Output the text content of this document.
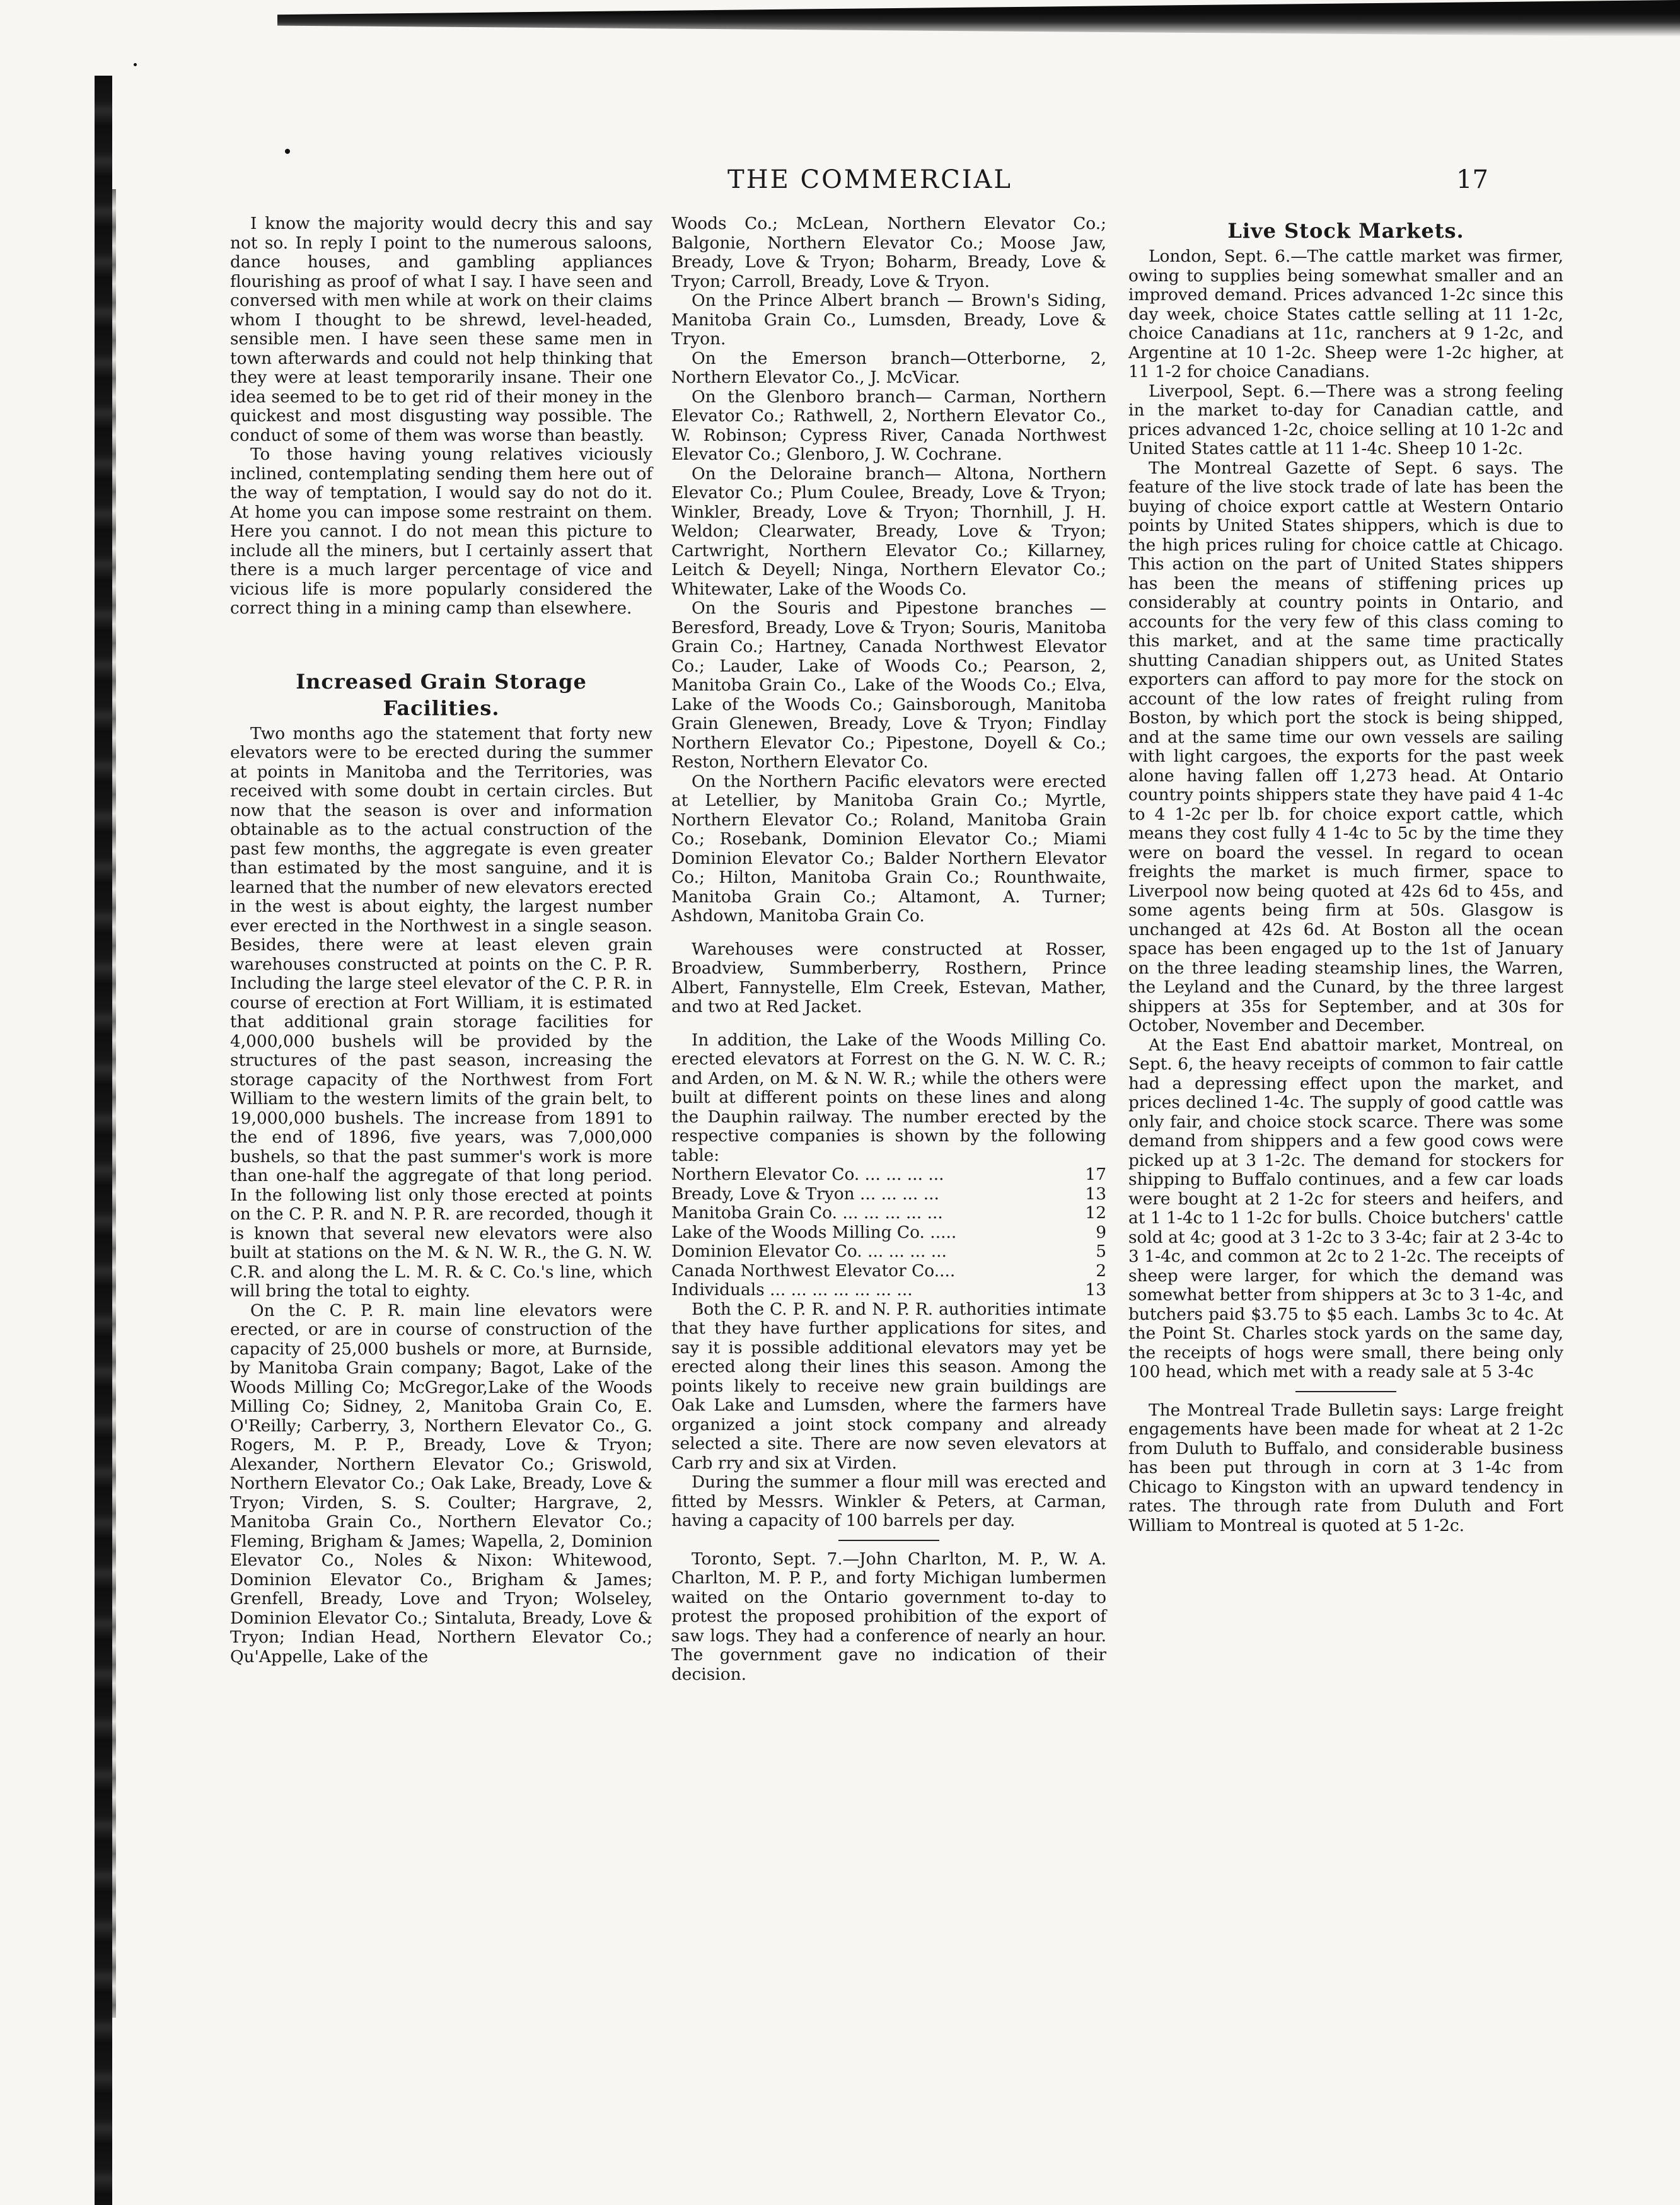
THE COMMERCIAL	17

I know the majority would decry this and say not so. In reply I point to the numerous saloons, dance houses, and gambling appliances flourishing as proof of what I say. I have seen and conversed with men while at work on their claims whom I thought to be shrewd, level-headed, sensible men. I have seen these same men in town afterwards and could not help thinking that they were at least temporarily insane. Their one idea seemed to be to get rid of their money in the quickest and most disgusting way possible. The conduct of some of them was worse than beastly.

To those having young relatives viciously inclined, contemplating sending them here out of the way of temptation, I would say do not do it. At home you can impose some restraint on them. Here you cannot. I do not mean this picture to include all the miners, but I certainly assert that there is a much larger percentage of vice and vicious life is more popularly considered the correct thing in a mining camp than elsewhere.

Increased Grain Storage
Facilities.

Two months ago the statement that forty new elevators were to be erected during the summer at points in Manitoba and the Territories, was received with some doubt in certain circles. But now that the season is over and information obtainable as to the actual construction of the past few months, the aggregate is even greater than estimated by the most sanguine, and it is learned that the number of new elevators erected in the west is about eighty, the largest number ever erected in the Northwest in a single season. Besides, there were at least eleven grain warehouses constructed at points on the C. P. R. Including the large steel elevator of the C. P. R. in course of erection at Fort William, it is estimated that additional grain storage facilities for 4,000,000 bushels will be provided by the structures of the past season, increasing the storage capacity of the Northwest from Fort William to the western limits of the grain belt, to 19,000,000 bushels. The increase from 1891 to the end of 1896, five years, was 7,000,000 bushels, so that the past summer's work is more than one-half the aggregate of that long period. In the following list only those erected at points on the C. P. R. and N. P. R. are recorded, though it is known that several new elevators were also built at stations on the M. & N. W. R., the G. N. W. C.R. and along the L. M. R. & C. Co.'s line, which will bring the total to eighty.

On the C. P. R. main line elevators were erected, or are in course of construction of the capacity of 25,000 bushels or more, at Burnside, by Manitoba Grain company; Bagot, Lake of the Woods Milling Co; McGregor,Lake of the Woods Milling Co; Sidney, 2, Manitoba Grain Co, E. O'Reilly; Carberry, 3, Northern Elevator Co., G. Rogers, M. P. P., Bready, Love & Tryon; Alexander, Northern Elevator Co.; Griswold, Northern Elevator Co.; Oak Lake, Bready, Love & Tryon; Virden, S. S. Coulter; Hargrave, 2, Manitoba Grain Co., Northern Elevator Co.; Fleming, Brigham & James; Wapella, 2, Dominion Elevator Co., Noles & Nixon: Whitewood, Dominion Elevator Co., Brigham & James; Grenfell, Bready, Love and Tryon; Wolseley, Dominion Elevator Co.; Sintaluta, Bready, Love & Tryon; Indian Head, Northern Elevator Co.; Qu'Appelle, Lake of the

Woods Co.; McLean, Northern Elevator Co.; Balgonie, Northern Elevator Co.; Moose Jaw, Bready, Love & Tryon; Boharm, Bready, Love & Tryon; Carroll, Bready, Love & Tryon.

On the Prince Albert branch — Brown's Siding, Manitoba Grain Co., Lumsden, Bready, Love & Tryon.

On the Emerson branch—Otterborne, 2, Northern Elevator Co., J. McVicar.

On the Glenboro branch— Carman, Northern Elevator Co.; Rathwell, 2, Northern Elevator Co., W. Robinson; Cypress River, Canada Northwest Elevator Co.; Glenboro, J. W. Cochrane.

On the Deloraine branch— Altona, Northern Elevator Co.; Plum Coulee, Bready, Love & Tryon; Winkler, Bready, Love & Tryon; Thornhill, J. H. Weldon; Clearwater, Bready, Love & Tryon; Cartwright, Northern Elevator Co.; Killarney, Leitch & Deyell; Ninga, Northern Elevator Co.; Whitewater, Lake of the Woods Co.

On the Souris and Pipestone branches —Beresford, Bready, Love & Tryon; Souris, Manitoba Grain Co.; Hartney, Canada Northwest Elevator Co.; Lauder, Lake of Woods Co.; Pearson, 2, Manitoba Grain Co., Lake of the Woods Co.; Elva, Lake of the Woods Co.; Gainsborough, Manitoba Grain Glenewen, Bready, Love & Tryon; Findlay Northern Elevator Co.; Pipestone, Doyell & Co.; Reston, Northern Elevator Co.

On the Northern Pacific elevators were erected at Letellier, by Manitoba Grain Co.; Myrtle, Northern Elevator Co.; Roland, Manitoba Grain Co.; Rosebank, Dominion Elevator Co.; Miami Dominion Elevator Co.; Balder Northern Elevator Co.; Hilton, Manitoba Grain Co.; Rounthwaite, Manitoba Grain Co.; Altamont, A. Turner; Ashdown, Manitoba Grain Co.

Warehouses were constructed at Rosser, Broadview, Summberberry, Rosthern, Prince Albert, Fannystelle, Elm Creek, Estevan, Mather, and two at Red Jacket.

In addition, the Lake of the Woods Milling Co. erected elevators at Forrest on the G. N. W. C. R.; and Arden, on M. & N. W. R.; while the others were built at different points on these lines and along the Dauphin railway. The number erected by the respective companies is shown by the following table:

Northern Elevator Co. ... ... ... ...	17
Bready, Love & Tryon ... ... ... ...	13
Manitoba Grain Co. ... ... ... ... ...	12
Lake of the Woods Milling Co. .....	9
Dominion Elevator Co. ... ... ... ...	5
Canada Northwest Elevator Co....	2
Individuals ... ... ... ... ... ... ...	13

Both the C. P. R. and N. P. R. authorities intimate that they have further applications for sites, and say it is possible additional elevators may yet be erected along their lines this season. Among the points likely to receive new grain buildings are Oak Lake and Lumsden, where the farmers have organized a joint stock company and already selected a site. There are now seven elevators at Carb rry and six at Virden.

During the summer a flour mill was erected and fitted by Messrs. Winkler & Peters, at Carman, having a capacity of 100 barrels per day.

Toronto, Sept. 7.—John Charlton, M. P., W. A. Charlton, M. P. P., and forty Michigan lumbermen waited on the Ontario government to-day to protest the proposed prohibition of the export of saw logs. They had a conference of nearly an hour. The government gave no indication of their decision.

Live Stock Markets.

London, Sept. 6.—The cattle market was firmer, owing to supplies being somewhat smaller and an improved demand. Prices advanced 1-2c since this day week, choice States cattle selling at 11 1-2c, choice Canadians at 11c, ranchers at 9 1-2c, and Argentine at 10 1-2c. Sheep were 1-2c higher, at 11 1-2 for choice Canadians.

Liverpool, Sept. 6.—There was a strong feeling in the market to-day for Canadian cattle, and prices advanced 1-2c, choice selling at 10 1-2c and United States cattle at 11 1-4c. Sheep 10 1-2c.

The Montreal Gazette of Sept. 6 says. The feature of the live stock trade of late has been the buying of choice export cattle at Western Ontario points by United States shippers, which is due to the high prices ruling for choice cattle at Chicago. This action on the part of United States shippers has been the means of stiffening prices up considerably at country points in Ontario, and accounts for the very few of this class coming to this market, and at the same time practically shutting Canadian shippers out, as United States exporters can afford to pay more for the stock on account of the low rates of freight ruling from Boston, by which port the stock is being shipped, and at the same time our own vessels are sailing with light cargoes, the exports for the past week alone having fallen off 1,273 head. At Ontario country points shippers state they have paid 4 1-4c to 4 1-2c per lb. for choice export cattle, which means they cost fully 4 1-4c to 5c by the time they were on board the vessel. In regard to ocean freights the market is much firmer, space to Liverpool now being quoted at 42s 6d to 45s, and some agents being firm at 50s. Glasgow is unchanged at 42s 6d. At Boston all the ocean space has been engaged up to the 1st of January on the three leading steamship lines, the Warren, the Leyland and the Cunard, by the three largest shippers at 35s for September, and at 30s for October, November and December.

At the East End abattoir market, Montreal, on Sept. 6, the heavy receipts of common to fair cattle had a depressing effect upon the market, and prices declined 1-4c. The supply of good cattle was only fair, and choice stock scarce. There was some demand from shippers and a few good cows were picked up at 3 1-2c. The demand for stockers for shipping to Buffalo continues, and a few car loads were bought at 2 1-2c for steers and heifers, and at 1 1-4c to 1 1-2c for bulls. Choice butchers' cattle sold at 4c; good at 3 1-2c to 3 3-4c; fair at 2 3-4c to 3 1-4c, and common at 2c to 2 1-2c. The receipts of sheep were larger, for which the demand was somewhat better from shippers at 3c to 3 1-4c, and butchers paid $3.75 to $5 each. Lambs 3c to 4c. At the Point St. Charles stock yards on the same day, the receipts of hogs were small, there being only 100 head, which met with a ready sale at 5 3-4c

The Montreal Trade Bulletin says: Large freight engagements have been made for wheat at 2 1-2c from Duluth to Buffalo, and considerable business has been put through in corn at 3 1-4c from Chicago to Kingston with an upward tendency in rates. The through rate from Duluth and Fort William to Montreal is quoted at 5 1-2c.
